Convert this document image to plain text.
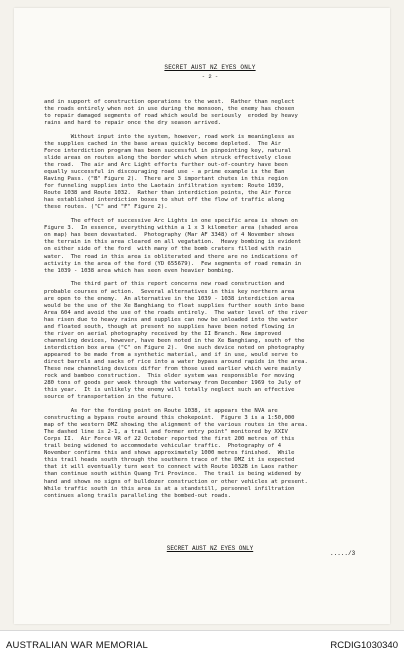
SECRET AUST NZ EYES ONLY
- 2 -

and in support of construction operations to the west.  Rather than neglect
the roads entirely when not in use during the monsoon, the enemy has chosen
to repair damaged segments of road which would be seriously  eroded by heavy
rains and hard to repair once the dry season arrived.

Without input into the system, however, road work is meaningless as
the supplies cached in the base areas quickly become depleted.  The Air
Force interdiction program has been successful in pinpointing key, natural
slide areas on routes along the border which when struck effectively close
the road.  The air and Arc Light efforts further out-of-country have been
equally successful in discouraging road use - a prime example is the Ban
Raving Pass. ("B" Figure 2).  There are 3 important chutes in this region
for funneling supplies into the Laotain infiltration system: Route 1039,
Route 1038 and Route 1032.  Rather than interdiction points, the Air Force
has established interdiction boxes to shut off the flow of traffic along
these routes. ("C" and "F" Figure 2).

The effect of successive Arc Lights in one specific area is shown on
Figure 3.  In essence, everything within a 1 x 3 kilometer area (shaded area
on map) has been devastated.  Photography (Mar AF 3348) of 4 November shows
the terrain in this area cleared on all vegatation.  Heavy bombing is evident
on either side of the ford  with many of the bomb craters filled with rain
water.  The road in this area is obliterated and there are no indications of
activity in the area of the ford (YD 655679).  Few segments of road remain in
the 1039 - 1038 area which has seen even heavier bombing.

The third part of this report concerns new road construction and
probable courses of action.  Several alternatives in this key northern area
are open to the enemy.  An alternative in the 1039 - 1038 interdiction area
would be the use of the Xe Banghiang to float supplies further south into base
Area 604 and avoid the use of the roads entirely.  The water level of the river
has risen due to heavy rains and supplies can now be unloaded into the water
and floated south, though at present no supplies have been noted flowing in
the river on aerial photography received by the II Branch. New improved
channeling devices, however, have been noted in the Xe Banghiang, south of the
interdiction box area ("C" on Figure 2).  One such device noted on photography
appeared to be made from a synthetic material, and if in use, would serve to
direct barrels and sacks of rice into a water bypass around rapids in the area.
These new channeling devices differ from those used earlier which were mainly
rock and bamboo construction.  This older system was responsible for moving
280 tons of goods per week through the waterway from December 1969 to July of
this year.  It is unlikely the enemy will totally neglect such an effective
source of transportation in the future.

As for the fording point on Route 1038, it appears the NVA are
constructing a bypass route around this chokepoint.  Figure 3 is a 1:50,000
map of the western DMZ showing the alignment of the various routes in the area.
The dashed line is 2-1, a trail and former entry point" monitored by XXIV
Corps II.  Air Force VR of 22 October reported the first 200 metres of this
trail being widened to accommodate vehicular traffic.  Photography of 4
November confirms this and shows approximately 1000 metres finished.  While
this trail heads south through the southern trace of the DMZ it is expected
that it will eventually turn west to connect with Route 1032B in Laos rather
than continue south within Quang Tri Province.  The trail is being widened by
hand and shows no signs of bulldozer construction or other vehicles at present.
While traffic south in this area is at a standstill, personnel infiltration
continues along trails paralleling the bombed-out roads.

SECRET AUST NZ EYES ONLY
...../3
AUSTRALIAN WAR MEMORIAL	RCDIG1030340
